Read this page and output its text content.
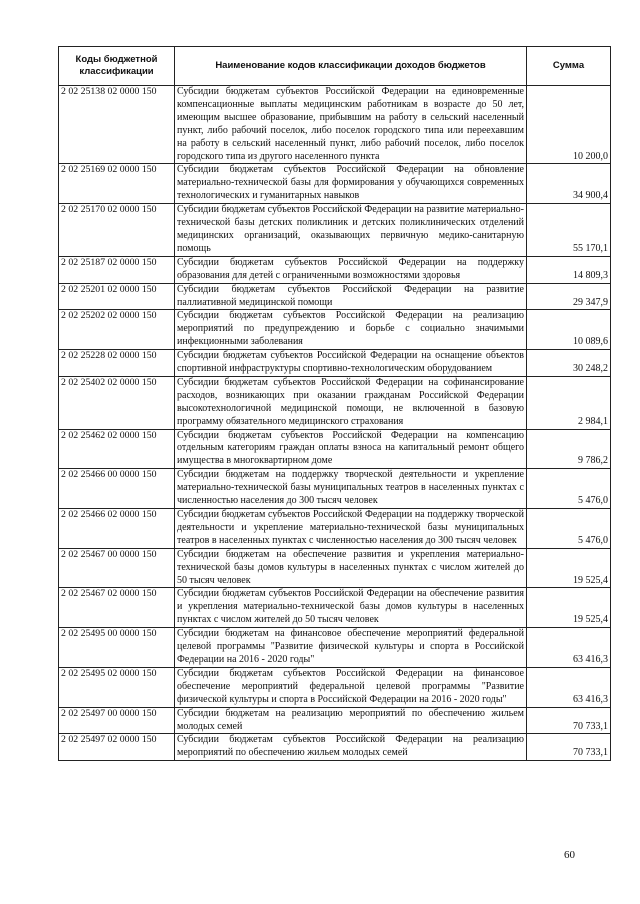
Коды бюджетной классификации	Наименование кодов классификации доходов бюджетов	Сумма
2 02 25138 02 0000 150	Субсидии бюджетам субъектов Российской Федерации на единовременные компенсационные выплаты медицинским работникам в возрасте до 50 лет, имеющим высшее образование, прибывшим на работу в сельский населенный пункт, либо рабочий поселок, либо поселок городского типа или переехавшим на работу в сельский населенный пункт, либо рабочий поселок, либо поселок городского типа из другого населенного пункта	10 200,0
2 02 25169 02 0000 150	Субсидии бюджетам субъектов Российской Федерации на обновление материально-технической базы для формирования у обучающихся современных технологических и гуманитарных навыков	34 900,4
2 02 25170 02 0000 150	Субсидии бюджетам субъектов Российской Федерации на развитие материально-технической базы детских поликлиник и детских поликлинических отделений медицинских организаций, оказывающих первичную медико-санитарную помощь	55 170,1
2 02 25187 02 0000 150	Субсидии бюджетам субъектов Российской Федерации на поддержку образования для детей с ограниченными возможностями здоровья	14 809,3
2 02 25201 02 0000 150	Субсидии бюджетам субъектов Российской Федерации на развитие паллиативной медицинской помощи	29 347,9
2 02 25202 02 0000 150	Субсидии бюджетам субъектов Российской Федерации на реализацию мероприятий по предупреждению и борьбе с социально значимыми инфекционными заболевания	10 089,6
2 02 25228 02 0000 150	Субсидии бюджетам субъектов Российской Федерации на оснащение объектов спортивной инфраструктуры спортивно-технологическим оборудованием	30 248,2
2 02 25402 02 0000 150	Субсидии бюджетам субъектов Российской Федерации на софинансирование расходов, возникающих при оказании гражданам Российской Федерации высокотехнологичной медицинской помощи, не включенной в базовую программу обязательного медицинского страхования	2 984,1
2 02 25462 02 0000 150	Субсидии бюджетам субъектов Российской Федерации на компенсацию отдельным категориям граждан оплаты взноса на капитальный ремонт общего имущества в многоквартирном доме	9 786,2
2 02 25466 00 0000 150	Субсидии бюджетам на поддержку творческой деятельности и укрепление материально-технической базы муниципальных театров в населенных пунктах с численностью населения до 300 тысяч человек	5 476,0
2 02 25466 02 0000 150	Субсидии бюджетам субъектов Российской Федерации на поддержку творческой деятельности и укрепление материально-технической базы муниципальных театров в населенных пунктах с численностью населения до 300 тысяч человек	5 476,0
2 02 25467 00 0000 150	Субсидии бюджетам на обеспечение развития и укрепления материально-технической базы домов культуры в населенных пунктах с числом жителей до 50 тысяч человек	19 525,4
2 02 25467 02 0000 150	Субсидии бюджетам субъектов Российской Федерации на обеспечение развития и укрепления материально-технической базы домов культуры в населенных пунктах с числом жителей до 50 тысяч человек	19 525,4
2 02 25495 00 0000 150	Субсидии бюджетам на финансовое обеспечение мероприятий федеральной целевой программы "Развитие физической культуры и спорта в Российской Федерации на 2016 - 2020 годы"	63 416,3
2 02 25495 02 0000 150	Субсидии бюджетам субъектов Российской Федерации на финансовое обеспечение мероприятий федеральной целевой программы "Развитие физической культуры и спорта в Российской Федерации на 2016 - 2020 годы"	63 416,3
2 02 25497 00 0000 150	Субсидии бюджетам на реализацию мероприятий по обеспечению жильем молодых семей	70 733,1
2 02 25497 02 0000 150	Субсидии бюджетам субъектов Российской Федерации на реализацию мероприятий по обеспечению жильем молодых семей	70 733,1
60
